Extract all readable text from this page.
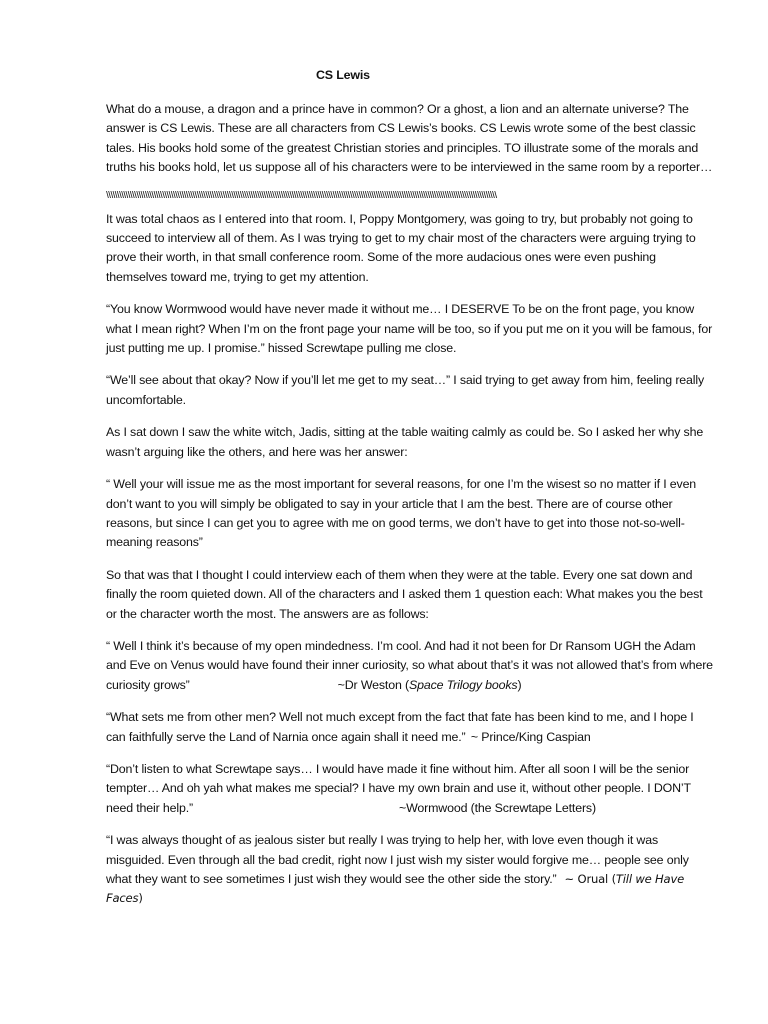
CS Lewis

What do a mouse, a dragon and a prince have in common? Or a ghost, a lion and an alternate universe? The answer is CS Lewis. These are all characters from CS Lewis’s books. CS Lewis wrote some of the best classic tales. His books hold some of the greatest Christian stories and principles. TO illustrate some of the morals and truths his books hold, let us suppose all of his characters were to be interviewed in the same room by a reporter…

\ \ \ \ \ \ \ \ \ \ \ \ \ \ \ \ \ \ \ \ \ \ \ \ \ \ \ \ \ \ \ \ \ \ \ \ \ \ \ \ \ \ \ \ \ \ \ \ \ \ \ \ \ \ \ \ \ \ \ \ \ \ \ \ \ \ \ \ \ \ \ \ \ \ \ \ \ \ \ \ \ \ \ \ \ \ \ \ \ \ \ \ \ \ \ \ \ \ \ \ \ \ \ \ \ \ \ \ \ \ \ \ \ \ \ \ \ \ \ \ \ \ \ \ \ \ \ \ \ \ \ \ \ \ \ \ \ \ \ \ \ \ \ \ \ \ \ \ \ \ \ \ \ \ \ \ \ \ \ \ \ \ \ \ \ \ \ \ \ \ \ \ \ \ \ \ \ \ \ \ \

It was total chaos as I entered into that room. I, Poppy Montgomery, was going to try, but probably not going to succeed to interview all of them. As I was trying to get to my chair most of the characters were arguing trying to prove their worth, in that small conference room. Some of the more audacious ones were even pushing themselves toward me, trying to get my attention.

“You know Wormwood would have never made it without me… I DESERVE To be on the front page, you know what I mean right? When I’m on the front page your name will be too, so if you put me on it you will be famous, for just putting me up. I promise.” hissed Screwtape pulling me close.

“We’ll see about that okay? Now if you’ll let me get to my seat…” I said trying to get away from him, feeling really uncomfortable.

As I sat down I saw the white witch, Jadis, sitting at the table waiting calmly as could be. So I asked her why she wasn’t arguing like the others, and here was her answer:

“ Well your will issue me as the most important for several reasons, for one I’m the wisest so no matter if I even don’t want to you will simply be obligated to say in your article that I am the best. There are of course other reasons, but since I can get you to agree with me on good terms, we don’t have to get into those not-so-well-meaning reasons”

So that was that I thought I could interview each of them when they were at the table. Every one sat down and finally the room quieted down. All of the characters and I asked them 1 question each: What makes you the best or the character worth the most. The answers are as follows:

“ Well I think it’s because of my open mindedness. I’m cool. And had it not been for Dr Ransom UGH the Adam and Eve on Venus would have found their inner curiosity, so what about that’s it was not allowed that’s from where curiosity grows”	~Dr Weston (Space Trilogy books)

“What sets me from other men? Well not much except from the fact that fate has been kind to me, and I hope I can faithfully serve the Land of Narnia once again shall it need me.” ~ Prince/King Caspian

“Don’t listen to what Screwtape says… I would have made it fine without him. After all soon I will be the senior tempter… And oh yah what makes me special? I have my own brain and use it, without other people. I DON’T need their help.”	~Wormwood (the Screwtape Letters)

“I was always thought of as jealous sister but really I was trying to help her, with love even though it was misguided. Even through all the bad credit, right now I just wish my sister would forgive me… people see only what they want to see sometimes I just wish they would see the other side the story.” ~ Orual (Till we Have Faces)
